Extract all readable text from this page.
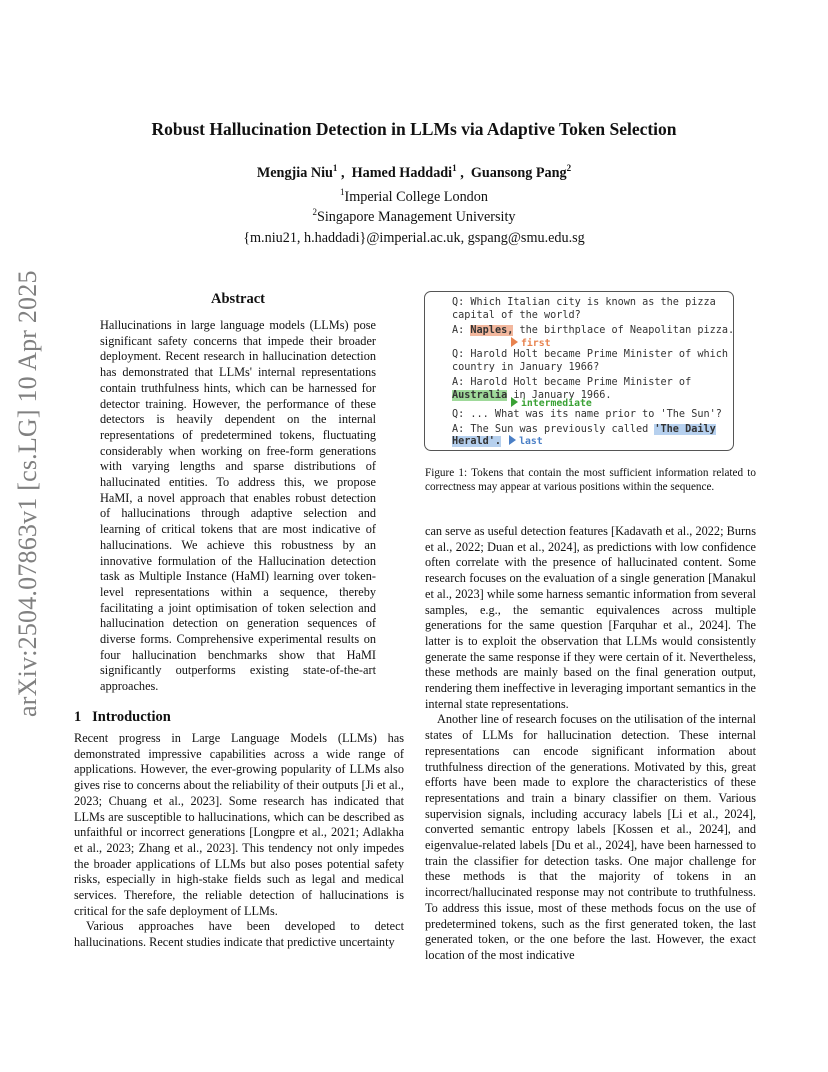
arXiv:2504.07863v1 [cs.LG] 10 Apr 2025
Robust Hallucination Detection in LLMs via Adaptive Token Selection
Mengjia Niu$^1$ ,  Hamed Haddadi$^1$ ,  Guansong Pang$^2$
$^1$Imperial College London
$^2$Singapore Management University
{m.niu21, h.haddadi}@imperial.ac.uk, gspang@smu.edu.sg
Abstract

Hallucinations in large language models (LLMs) pose significant safety concerns that impede their broader deployment. Recent research in hallucination detection has demonstrated that LLMs' internal representations contain truthfulness hints, which can be harnessed for detector training. However, the performance of these detectors is heavily dependent on the internal representations of predetermined tokens, fluctuating considerably when working on free-form generations with varying lengths and sparse distributions of hallucinated entities. To address this, we propose HaMI, a novel approach that enables robust detection of hallucinations through adaptive selection and learning of critical tokens that are most indicative of hallucinations. We achieve this robustness by an innovative formulation of the Hallucination detection task as Multiple Instance (HaMI) learning over token-level representations within a sequence, thereby facilitating a joint optimisation of token selection and hallucination detection on generation sequences of diverse forms. Comprehensive experimental results on four hallucination benchmarks show that HaMI significantly outperforms existing state-of-the-art approaches.

1 Introduction

Recent progress in Large Language Models (LLMs) has demonstrated impressive capabilities across a wide range of applications. However, the ever-growing popularity of LLMs also gives rise to concerns about the reliability of their outputs [Ji et al., 2023; Chuang et al., 2023]. Some research has indicated that LLMs are susceptible to hallucinations, which can be described as unfaithful or incorrect generations [Longpre et al., 2021; Adlakha et al., 2023; Zhang et al., 2023]. This tendency not only impedes the broader applications of LLMs but also poses potential safety risks, especially in high-stake fields such as legal and medical services. Therefore, the reliable detection of hallucinations is critical for the safe deployment of LLMs.

Various approaches have been developed to detect hallucinations. Recent studies indicate that predictive uncertainty

Q: Which Italian city is known as the pizza
capital of the world?
A: Naples, the birthplace of Neapolitan pizza.
first
Q: Harold Holt became Prime Minister of which
country in January 1966?
A: Harold Holt became Prime Minister of
Australia in January 1966.
intermediate
Q: ... What was its name prior to 'The Sun'?
A: The Sun was previously called 'The Daily
Herald'. last
Figure 1: Tokens that contain the most sufficient information related to correctness may appear at various positions within the sequence.

can serve as useful detection features [Kadavath et al., 2022; Burns et al., 2022; Duan et al., 2024], as predictions with low confidence often correlate with the presence of hallucinated content. Some research focuses on the evaluation of a single generation [Manakul et al., 2023] while some harness semantic information from several samples, e.g., the semantic equivalences across multiple generations for the same question [Farquhar et al., 2024]. The latter is to exploit the observation that LLMs would consistently generate the same response if they were certain of it. Nevertheless, these methods are mainly based on the final generation output, rendering them ineffective in leveraging important semantics in the internal state representations.

Another line of research focuses on the utilisation of the internal states of LLMs for hallucination detection. These internal representations can encode significant information about truthfulness direction of the generations. Motivated by this, great efforts have been made to explore the characteristics of these representations and train a binary classifier on them. Various supervision signals, including accuracy labels [Li et al., 2024], converted semantic entropy labels [Kossen et al., 2024], and eigenvalue-related labels [Du et al., 2024], have been harnessed to train the classifier for detection tasks. One major challenge for these methods is that the majority of tokens in an incorrect/hallucinated response may not contribute to truthfulness. To address this issue, most of these methods focus on the use of predetermined tokens, such as the first generated token, the last generated token, or the one before the last. However, the exact location of the most indicative
